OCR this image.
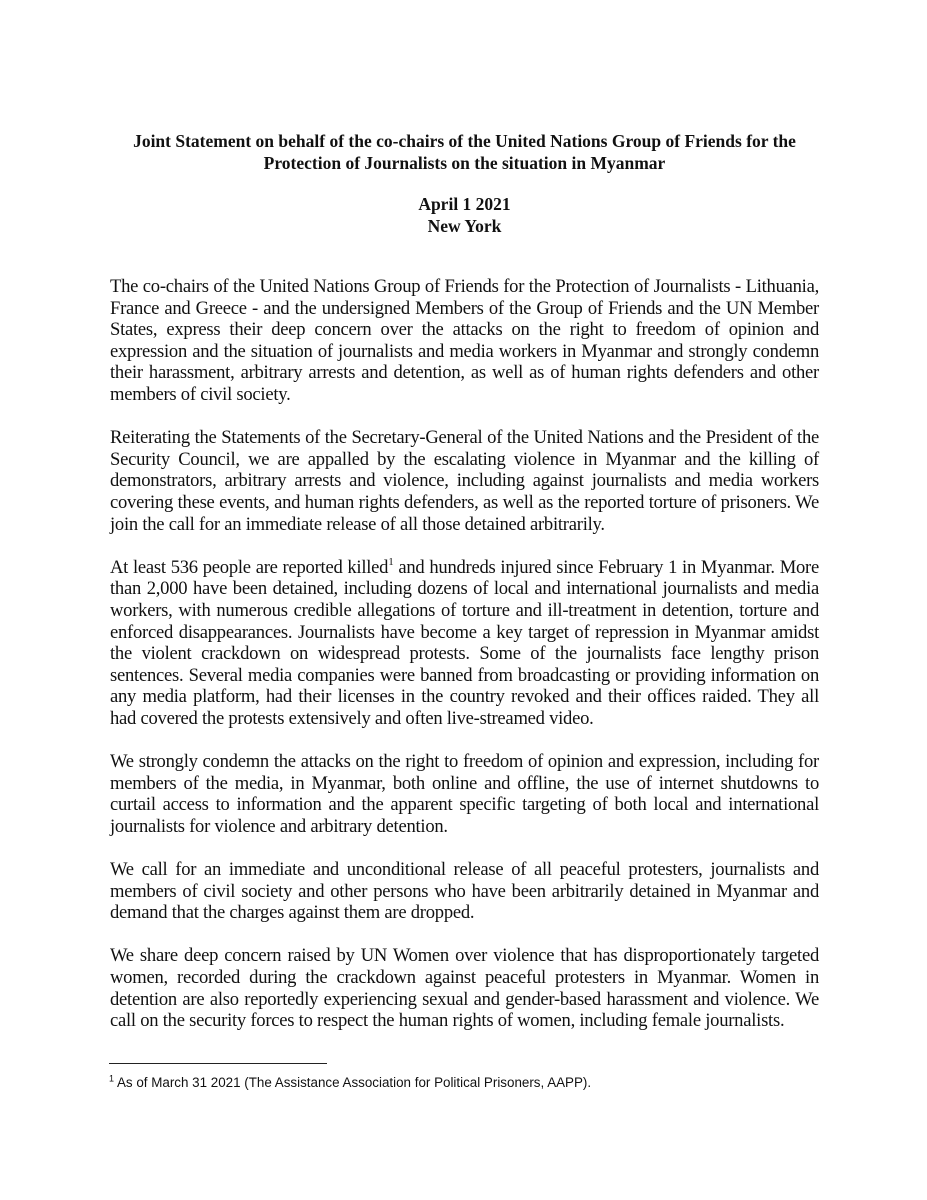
Joint Statement on behalf of the co-chairs of the United Nations Group of Friends for the
Protection of Journalists on the situation in Myanmar
April 1 2021
New York

The co-chairs of the United Nations Group of Friends for the Protection of Journalists - Lithuania, France and Greece - and the undersigned Members of the Group of Friends and the UN Member States, express their deep concern over the attacks on the right to freedom of opinion and expression and the situation of journalists and media workers in Myanmar and strongly condemn their harassment, arbitrary arrests and detention, as well as of human rights defenders and other members of civil society.

Reiterating the Statements of the Secretary-General of the United Nations and the President of the Security Council, we are appalled by the escalating violence in Myanmar and the killing of demonstrators, arbitrary arrests and violence, including against journalists and media workers covering these events, and human rights defenders, as well as the reported torture of prisoners. We join the call for an immediate release of all those detained arbitrarily.

At least 536 people are reported killed$^1$ and hundreds injured since February 1 in Myanmar. More than 2,000 have been detained, including dozens of local and international journalists and media workers, with numerous credible allegations of torture and ill-treatment in detention, torture and enforced disappearances. Journalists have become a key target of repression in Myanmar amidst the violent crackdown on widespread protests. Some of the journalists face lengthy prison sentences. Several media companies were banned from broadcasting or providing information on any media platform, had their licenses in the country revoked and their offices raided. They all had covered the protests extensively and often live-streamed video.

We strongly condemn the attacks on the right to freedom of opinion and expression, including for members of the media, in Myanmar, both online and offline, the use of internet shutdowns to curtail access to information and the apparent specific targeting of both local and international journalists for violence and arbitrary detention.

We call for an immediate and unconditional release of all peaceful protesters, journalists and members of civil society and other persons who have been arbitrarily detained in Myanmar and demand that the charges against them are dropped.

We share deep concern raised by UN Women over violence that has disproportionately targeted women, recorded during the crackdown against peaceful protesters in Myanmar. Women in detention are also reportedly experiencing sexual and gender-based harassment and violence. We call on the security forces to respect the human rights of women, including female journalists.

$^1$ As of March 31 2021 (The Assistance Association for Political Prisoners, AAPP).
